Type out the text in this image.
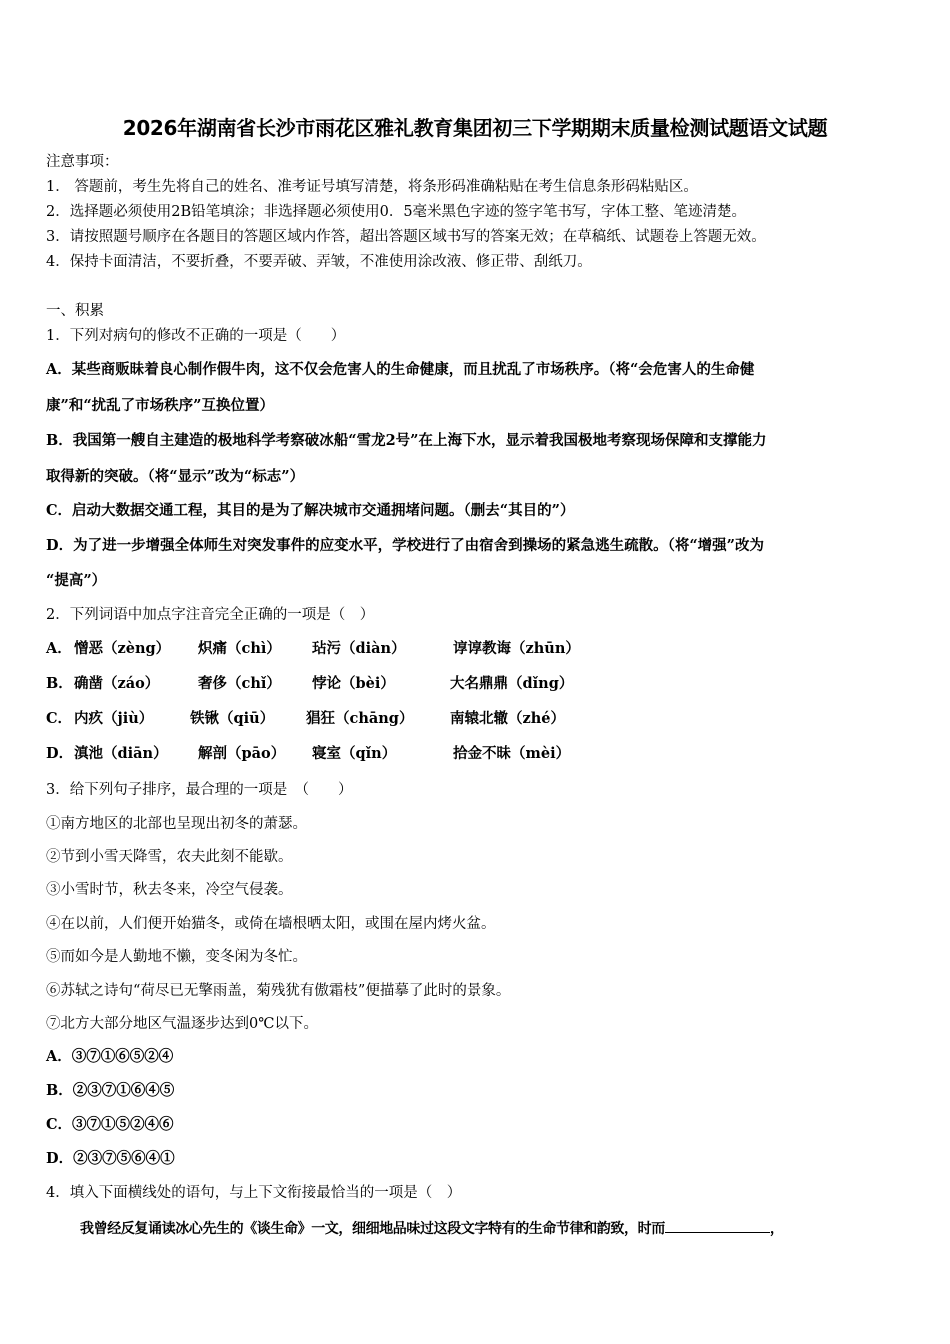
2026年湖南省长沙市雨花区雅礼教育集团初三下学期期末质量检测试题语文试题
注意事项：
1． 答题前，考生先将自己的姓名、准考证号填写清楚，将条形码准确粘贴在考生信息条形码粘贴区。
2．选择题必须使用2B铅笔填涂；非选择题必须使用0．5毫米黑色字迹的签字笔书写，字体工整、笔迹清楚。
3．请按照题号顺序在各题目的答题区域内作答，超出答题区域书写的答案无效；在草稿纸、试题卷上答题无效。
4．保持卡面清洁，不要折叠，不要弄破、弄皱，不准使用涂改液、修正带、刮纸刀。
一、积累
1．下列对病句的修改不正确的一项是（　　）
A．某些商贩昧着良心制作假牛肉，这不仅会危害人的生命健康，而且扰乱了市场秩序。（将“会危害人的生命健
康”和“扰乱了市场秩序”互换位置）
B．我国第一艘自主建造的极地科学考察破冰船“雪龙2号”在上海下水，显示着我国极地考察现场保障和支撑能力
取得新的突破。（将“显示”改为“标志”）
C．启动大数据交通工程，其目的是为了解决城市交通拥堵问题。（删去“其目的”）
D．为了进一步增强全体师生对突发事件的应变水平，学校进行了由宿舍到操场的紧急逃生疏散。（将“增强”改为
“提高”）
2．下列词语中加点字注音完全正确的一项是（　）
A． 憎恶（zèng） 炽痛（chì） 玷污（diàn）	谆谆教诲（zhūn）
B． 确凿（záo）	奢侈（chǐ） 悖论（bèi）	大名鼎鼎（dǐng）
C． 内疚（jiù）	铁锹（qiū） 猖狂（chāng）	南辕北辙（zhé）
D． 滇池（diān） 解剖（pāo） 寝室（qǐn）	拾金不昧（mèi）
3．给下列句子排序，最合理的一项是　（　　）
①南方地区的北部也呈现出初冬的萧瑟。
②节到小雪天降雪，农夫此刻不能歇。
③小雪时节，秋去冬来，冷空气侵袭。
④在以前，人们便开始猫冬，或倚在墙根晒太阳，或围在屋内烤火盆。
⑤而如今是人勤地不懒，变冬闲为冬忙。
⑥苏轼之诗句“荷尽已无擎雨盖，菊残犹有傲霜枝”便描摹了此时的景象。
⑦北方大部分地区气温逐步达到0℃以下。
A．③⑦①⑥⑤②④
B．②③⑦①⑥④⑤
C．③⑦①⑤②④⑥
D．②③⑦⑤⑥④①
4．填入下面横线处的语句，与上下文衔接最恰当的一项是（　）
我曾经反复诵读冰心先生的《谈生命》一文，细细地品味过这段文字特有的生命节律和韵致，时而	，
